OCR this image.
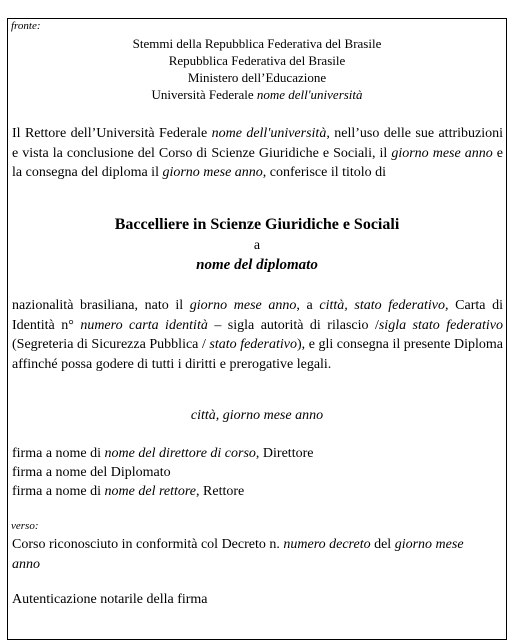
fronte:

Stemmi della Repubblica Federativa del Brasile

Repubblica Federativa del Brasile

Ministero dell’Educazione

Università Federale nome dell'università

Il Rettore dell’Università Federale nome dell'università, nell’uso delle sue attribuzioni e vista la conclusione del Corso di Scienze Giuridiche e Sociali, il giorno mese anno e la consegna del diploma il giorno mese anno, conferisce il titolo di

Baccelliere in Scienze Giuridiche e Sociali

a

nome del diplomato

nazionalità brasiliana, nato il giorno mese anno, a città, stato federativo, Carta di Identità n° numero carta identità – sigla autorità di rilascio /sigla stato federativo (Segreteria di Sicurezza Pubblica / stato federativo), e gli consegna il presente Diploma affinché possa godere di tutti i diritti e prerogative legali.

città, giorno mese anno

firma a nome di nome del direttore di corso, Direttore

firma a nome del Diplomato

firma a nome di nome del rettore, Rettore

verso:

Corso riconosciuto in conformità col Decreto n. numero decreto del giorno mese anno

Autenticazione notarile della firma
